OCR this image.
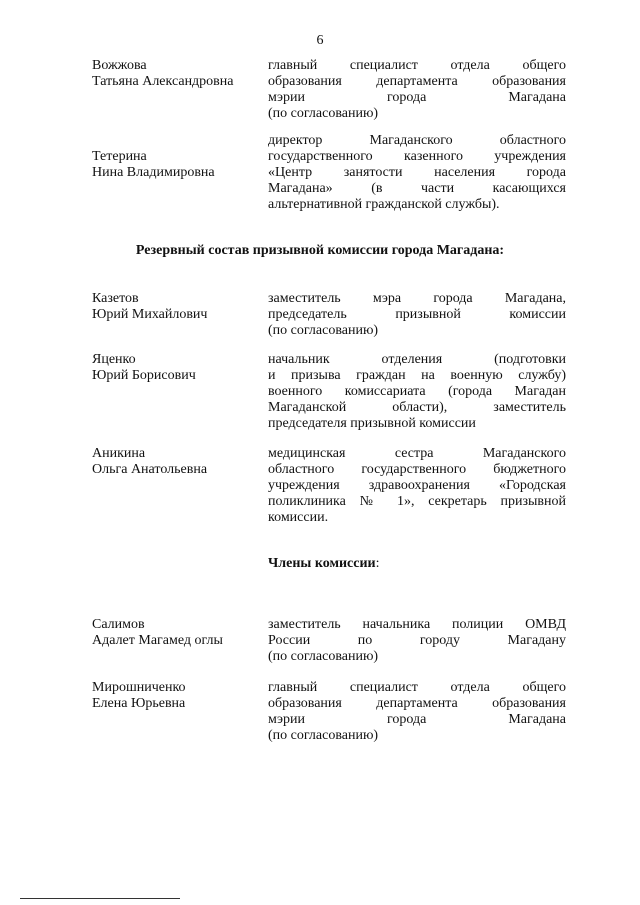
6
Вожжова
Татьяна Александровна
главный специалист отдела общего
образования департамента образования
мэрии города Магадана
(по согласованию)
Тетерина
Нина Владимировна
директор Магаданского областного
государственного казенного учреждения
«Центр занятости населения города
Магадана» (в части касающихся
альтернативной гражданской службы).
Резервный состав призывной комиссии города Магадана:
Казетов
Юрий Михайлович
заместитель мэра города Магадана,
председатель призывной комиссии
(по согласованию)
Яценко
Юрий Борисович
начальник отделения (подготовки
и призыва граждан на военную службу)
военного комиссариата (города Магадан
Магаданской области), заместитель
председателя призывной комиссии
Аникина
Ольга Анатольевна
медицинская сестра Магаданского
областного государственного бюджетного
учреждения здравоохранения «Городская
поликлиника № 1», секретарь призывной
комиссии.
Члены комиссии:
Салимов
Адалет Магамед оглы
заместитель начальника полиции ОМВД
России по городу Магадану
(по согласованию)
Мирошниченко
Елена Юрьевна
главный специалист отдела общего
образования департамента образования
мэрии города Магадана
(по согласованию)
